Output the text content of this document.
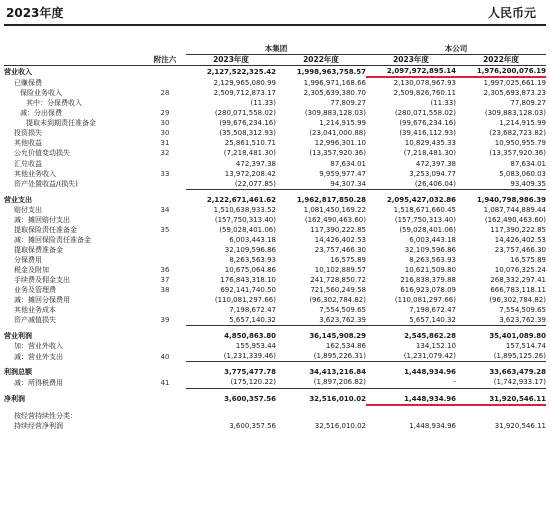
2023年度	人民币元
		本集团		本公司	
	附注六	2023年度	2022年度	2023年度	2022年度
营业收入		2,127,522,325.42	1,998,963,758.57	2,097,972,895.14	1,976,200,076.19
已赚保费		2,129,965,080.99	1,996,971,168.66	2,130,078,967.93	1,997,025,661.19
保险业务收入	28	2,509,712,873.17	2,305,639,380.70	2,509,826,760.11	2,305,693,873.23
其中：分保费收入		(11.33)	77,809.27	(11.33)	77,809.27
减：分出保费	29	(280,071,558.02)	(309,883,128.03)	(280,071,558.02)	(309,883,128.03)
提取未到期责任准备金	30	(99,676,234.16)	1,214,915.99	(99,676,234.16)	1,214,915.99
投资损失	30	(35,508,312.93)	(23,041,000.88)	(39,416,112.93)	(23,682,723.82)
其他收益	31	25,861,510.71	12,996,301.10	10,829,435.33	10,950,955.79
公允价值变动损失	32	(7,218,481.30)	(13,357,920.36)	(7,218,481.30)	(13,357,920.36)
汇兑收益		472,397.38	87,634.01	472,397.38	87,634.01
其他业务收入	33	13,972,208.42	9,959,977.47	3,253,094.77	5,083,060.03
资产处置收益/(损失)		(22,077.85)	94,307.34	(26,406.04)	93,409.35

营业支出		2,122,671,461.62	1,962,817,850.28	2,095,427,032.86	1,940,798,986.39
赔付支出	34	1,510,638,933.52	1,081,450,169.22	1,518,671,660.45	1,087,744,889.44
减：摊回赔付支出		(157,750,313.40)	(162,490,463.60)	(157,750,313.40)	(162,490,463.60)
提取保险责任准备金	35	(59,028,401.06)	117,390,222.85	(59,028,401.06)	117,390,222.85
减：摊回保险责任准备金		6,003,443.18	14,426,402.53	6,003,443.18	14,426,402.53
提取保费准备金		32,109,596.86	23,757,466.30	32,109,596.86	23,757,466.30
分保费用		8,263,563.93	16,575.89	8,263,563.93	16,575.89
税金及附加	36	10,675,064.86	10,102,889.57	10,621,509.80	10,076,325.24
手续费及佣金支出	37	176,843,318.10	241,728,850.72	216,838,379.88	268,332,297.41
业务及管理费	38	692,141,740.50	721,560,249.58	616,923,078.09	666,783,118.11
减：摊回分保费用		(110,081,297.66)	(96,302,784.82)	(110,081,297.66)	(96,302,784.82)
其他业务成本		7,198,672.47	7,554,509.65	7,198,672.47	7,554,509.65
资产减值损失	39	5,657,140.32	3,623,762.39	5,657,140.32	3,623,762.39

营业利润		4,850,863.80	36,145,908.29	2,545,862.28	35,401,089.80
加：营业外收入		155,953.44	162,534.86	134,152.10	157,514.74
减：营业外支出	40	(1,231,339.46)	(1,895,226.31)	(1,231,079.42)	(1,895,125.26)

利润总额		3,775,477.78	34,413,216.84	1,448,934.96	33,663,479.28
减：所得税费用	41	(175,120.22)	(1,897,206.82)	-	(1,742,933.17)

净利润		3,600,357.56	32,516,010.02	1,448,934.96	31,920,546.11

按经营持续性分类：					
持续经营净利润		3,600,357.56	32,516,010.02	1,448,934.96	31,920,546.11
